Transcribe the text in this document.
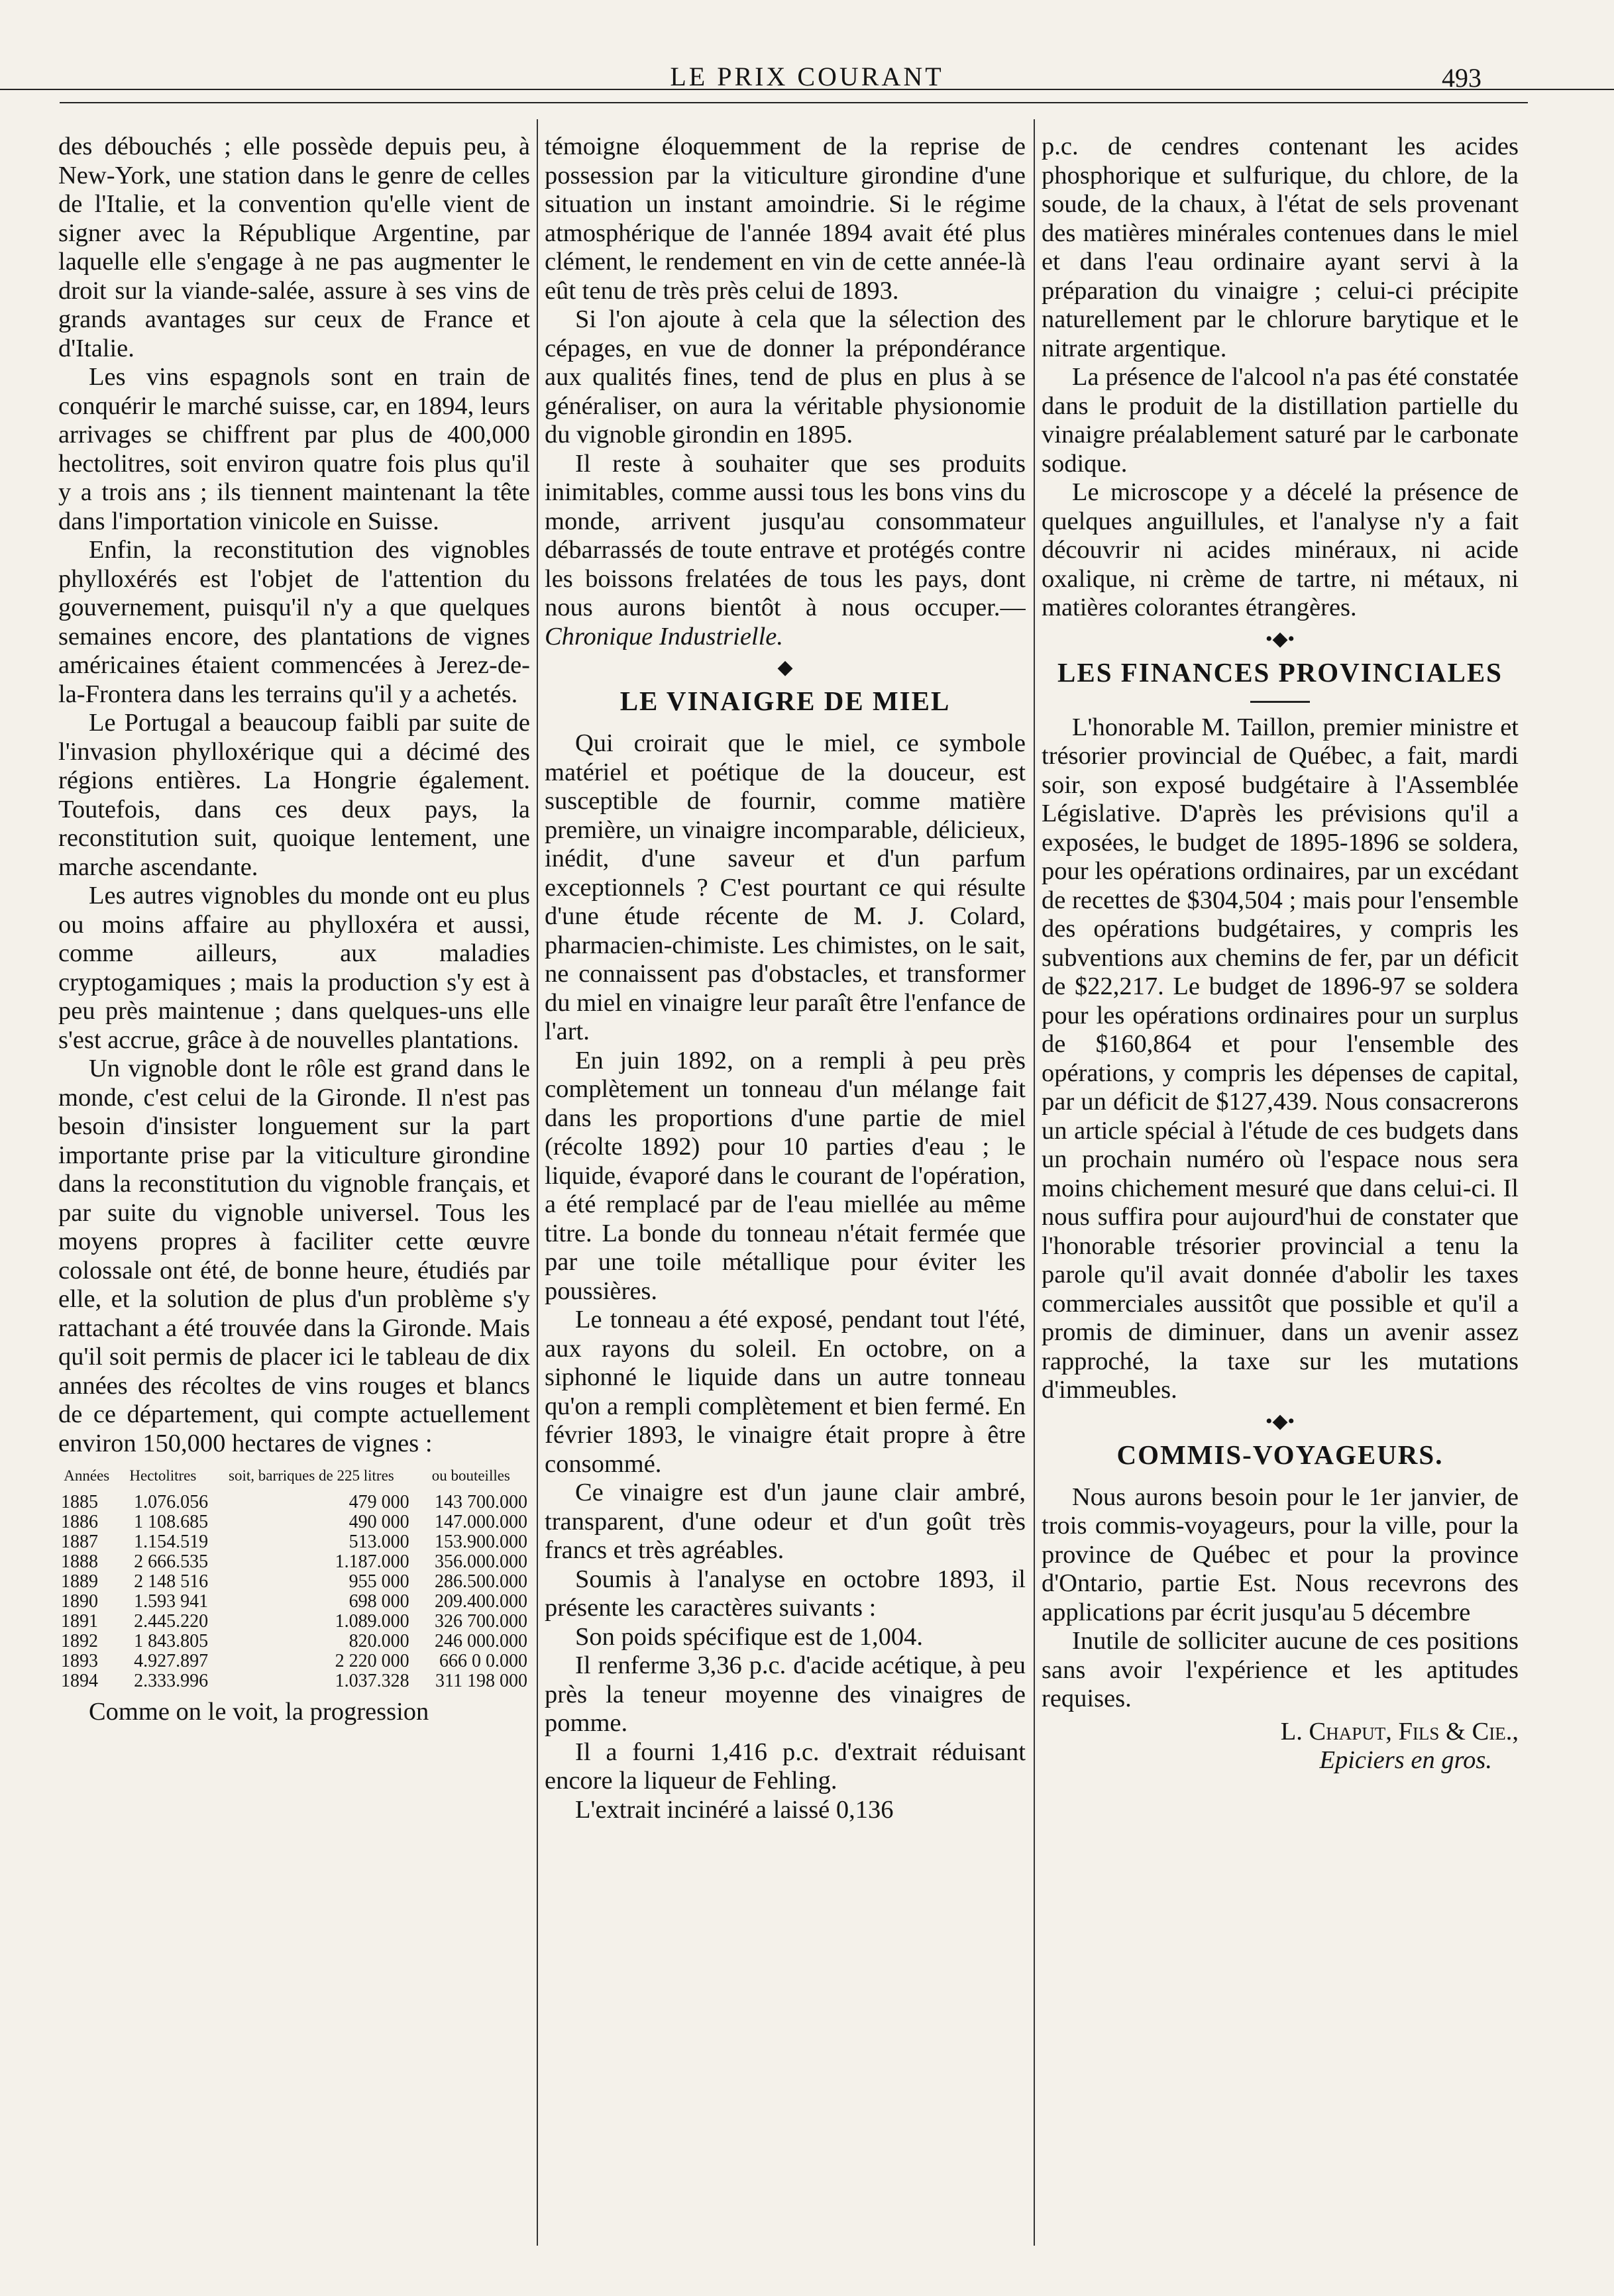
LE PRIX COURANT	493

des débouchés ; elle possède depuis peu, à New-York, une station dans le genre de celles de l'Italie, et la convention qu'elle vient de signer avec la République Argentine, par laquelle elle s'engage à ne pas augmenter le droit sur la viande-salée, assure à ses vins de grands avantages sur ceux de France et d'Italie.

Les vins espagnols sont en train de conquérir le marché suisse, car, en 1894, leurs arrivages se chiffrent par plus de 400,000 hectolitres, soit environ quatre fois plus qu'il y a trois ans ; ils tiennent maintenant la tête dans l'importation vinicole en Suisse.

Enfin, la reconstitution des vignobles phylloxérés est l'objet de l'attention du gouvernement, puisqu'il n'y a que quelques semaines encore, des plantations de vignes américaines étaient commencées à Jerez-de-la-Frontera dans les terrains qu'il y a achetés.

Le Portugal a beaucoup faibli par suite de l'invasion phylloxérique qui a décimé des régions entières. La Hongrie également. Toutefois, dans ces deux pays, la reconstitution suit, quoique lentement, une marche ascendante.

Les autres vignobles du monde ont eu plus ou moins affaire au phylloxéra et aussi, comme ailleurs, aux maladies cryptogamiques ; mais la production s'y est à peu près maintenue ; dans quelques-uns elle s'est accrue, grâce à de nouvelles plantations.

Un vignoble dont le rôle est grand dans le monde, c'est celui de la Gironde. Il n'est pas besoin d'insister longuement sur la part importante prise par la viticulture girondine dans la reconstitution du vignoble français, et par suite du vignoble universel. Tous les moyens propres à faciliter cette œuvre colossale ont été, de bonne heure, étudiés par elle, et la solution de plus d'un problème s'y rattachant a été trouvée dans la Gironde. Mais qu'il soit permis de placer ici le tableau de dix années des récoltes de vins rouges et blancs de ce département, qui compte actuellement environ 150,000 hectares de vignes :

Années	Hectolitres	soit, barriques de 225 litres	ou bouteilles
1885	1.076.056	479 000	143 700.000
1886	1 108.685	490 000	147.000.000
1887	1.154.519	513.000	153.900.000
1888	2 666.535	1.187.000	356.000.000
1889	2 148 516	955 000	286.500.000
1890	1.593 941	698 000	209.400.000
1891	2.445.220	1.089.000	326 700.000
1892	1 843.805	820.000	246 000.000
1893	4.927.897	2 220 000	666 0 0.000
1894	2.333.996	1.037.328	311 198 000

Comme on le voit, la progression

témoigne éloquemment de la reprise de possession par la viticulture girondine d'une situation un instant amoindrie. Si le régime atmosphérique de l'année 1894 avait été plus clément, le rendement en vin de cette année-là eût tenu de très près celui de 1893.

Si l'on ajoute à cela que la sélection des cépages, en vue de donner la prépondérance aux qualités fines, tend de plus en plus à se généraliser, on aura la véritable physionomie du vignoble girondin en 1895.

Il reste à souhaiter que ses produits inimitables, comme aussi tous les bons vins du monde, arrivent jusqu'au consommateur débarrassés de toute entrave et protégés contre les boissons frelatées de tous les pays, dont nous aurons bientôt à nous occuper.—Chronique Industrielle.

◆
LE VINAIGRE DE MIEL

Qui croirait que le miel, ce symbole matériel et poétique de la douceur, est susceptible de fournir, comme matière première, un vinaigre incomparable, délicieux, inédit, d'une saveur et d'un parfum exceptionnels ? C'est pourtant ce qui résulte d'une étude récente de M. J. Colard, pharmacien-chimiste. Les chimistes, on le sait, ne connaissent pas d'obstacles, et transformer du miel en vinaigre leur paraît être l'enfance de l'art.

En juin 1892, on a rempli à peu près complètement un tonneau d'un mélange fait dans les proportions d'une partie de miel (récolte 1892) pour 10 parties d'eau ; le liquide, évaporé dans le courant de l'opération, a été remplacé par de l'eau miellée au même titre. La bonde du tonneau n'était fermée que par une toile métallique pour éviter les poussières.

Le tonneau a été exposé, pendant tout l'été, aux rayons du soleil. En octobre, on a siphonné le liquide dans un autre tonneau qu'on a rempli complètement et bien fermé. En février 1893, le vinaigre était propre à être consommé.

Ce vinaigre est d'un jaune clair ambré, transparent, d'une odeur et d'un goût très francs et très agréables.

Soumis à l'analyse en octobre 1893, il présente les caractères suivants :

Son poids spécifique est de 1,004.

Il renferme 3,36 p.c. d'acide acétique, à peu près la teneur moyenne des vinaigres de pomme.

Il a fourni 1,416 p.c. d'extrait réduisant encore la liqueur de Fehling.

L'extrait incinéré a laissé 0,136

p.c. de cendres contenant les acides phosphorique et sulfurique, du chlore, de la soude, de la chaux, à l'état de sels provenant des matières minérales contenues dans le miel et dans l'eau ordinaire ayant servi à la préparation du vinaigre ; celui-ci précipite naturellement par le chlorure barytique et le nitrate argentique.

La présence de l'alcool n'a pas été constatée dans le produit de la distillation partielle du vinaigre préalablement saturé par le carbonate sodique.

Le microscope y a décelé la présence de quelques anguillules, et l'analyse n'y a fait découvrir ni acides minéraux, ni acide oxalique, ni crème de tartre, ni métaux, ni matières colorantes étrangères.

•◆•
LES FINANCES PROVINCIALES

L'honorable M. Taillon, premier ministre et trésorier provincial de Québec, a fait, mardi soir, son exposé budgétaire à l'Assemblée Législative. D'après les prévisions qu'il a exposées, le budget de 1895-1896 se soldera, pour les opérations ordinaires, par un excédant de recettes de $304,504 ; mais pour l'ensemble des opérations budgétaires, y compris les subventions aux chemins de fer, par un déficit de $22,217. Le budget de 1896-97 se soldera pour les opérations ordinaires pour un surplus de $160,864 et pour l'ensemble des opérations, y compris les dépenses de capital, par un déficit de $127,439. Nous consacrerons un article spécial à l'étude de ces budgets dans un prochain numéro où l'espace nous sera moins chichement mesuré que dans celui-ci. Il nous suffira pour aujourd'hui de constater que l'honorable trésorier provincial a tenu la parole qu'il avait donnée d'abolir les taxes commerciales aussitôt que possible et qu'il a promis de diminuer, dans un avenir assez rapproché, la taxe sur les mutations d'immeubles.

•◆•
COMMIS-VOYAGEURS.

Nous aurons besoin pour le 1er janvier, de trois commis-voyageurs, pour la ville, pour la province de Québec et pour la province d'Ontario, partie Est. Nous recevrons des applications par écrit jusqu'au 5 décembre

Inutile de solliciter aucune de ces positions sans avoir l'expérience et les aptitudes requises.

L. Chaput, Fils & Cie.,
Epiciers en gros.
